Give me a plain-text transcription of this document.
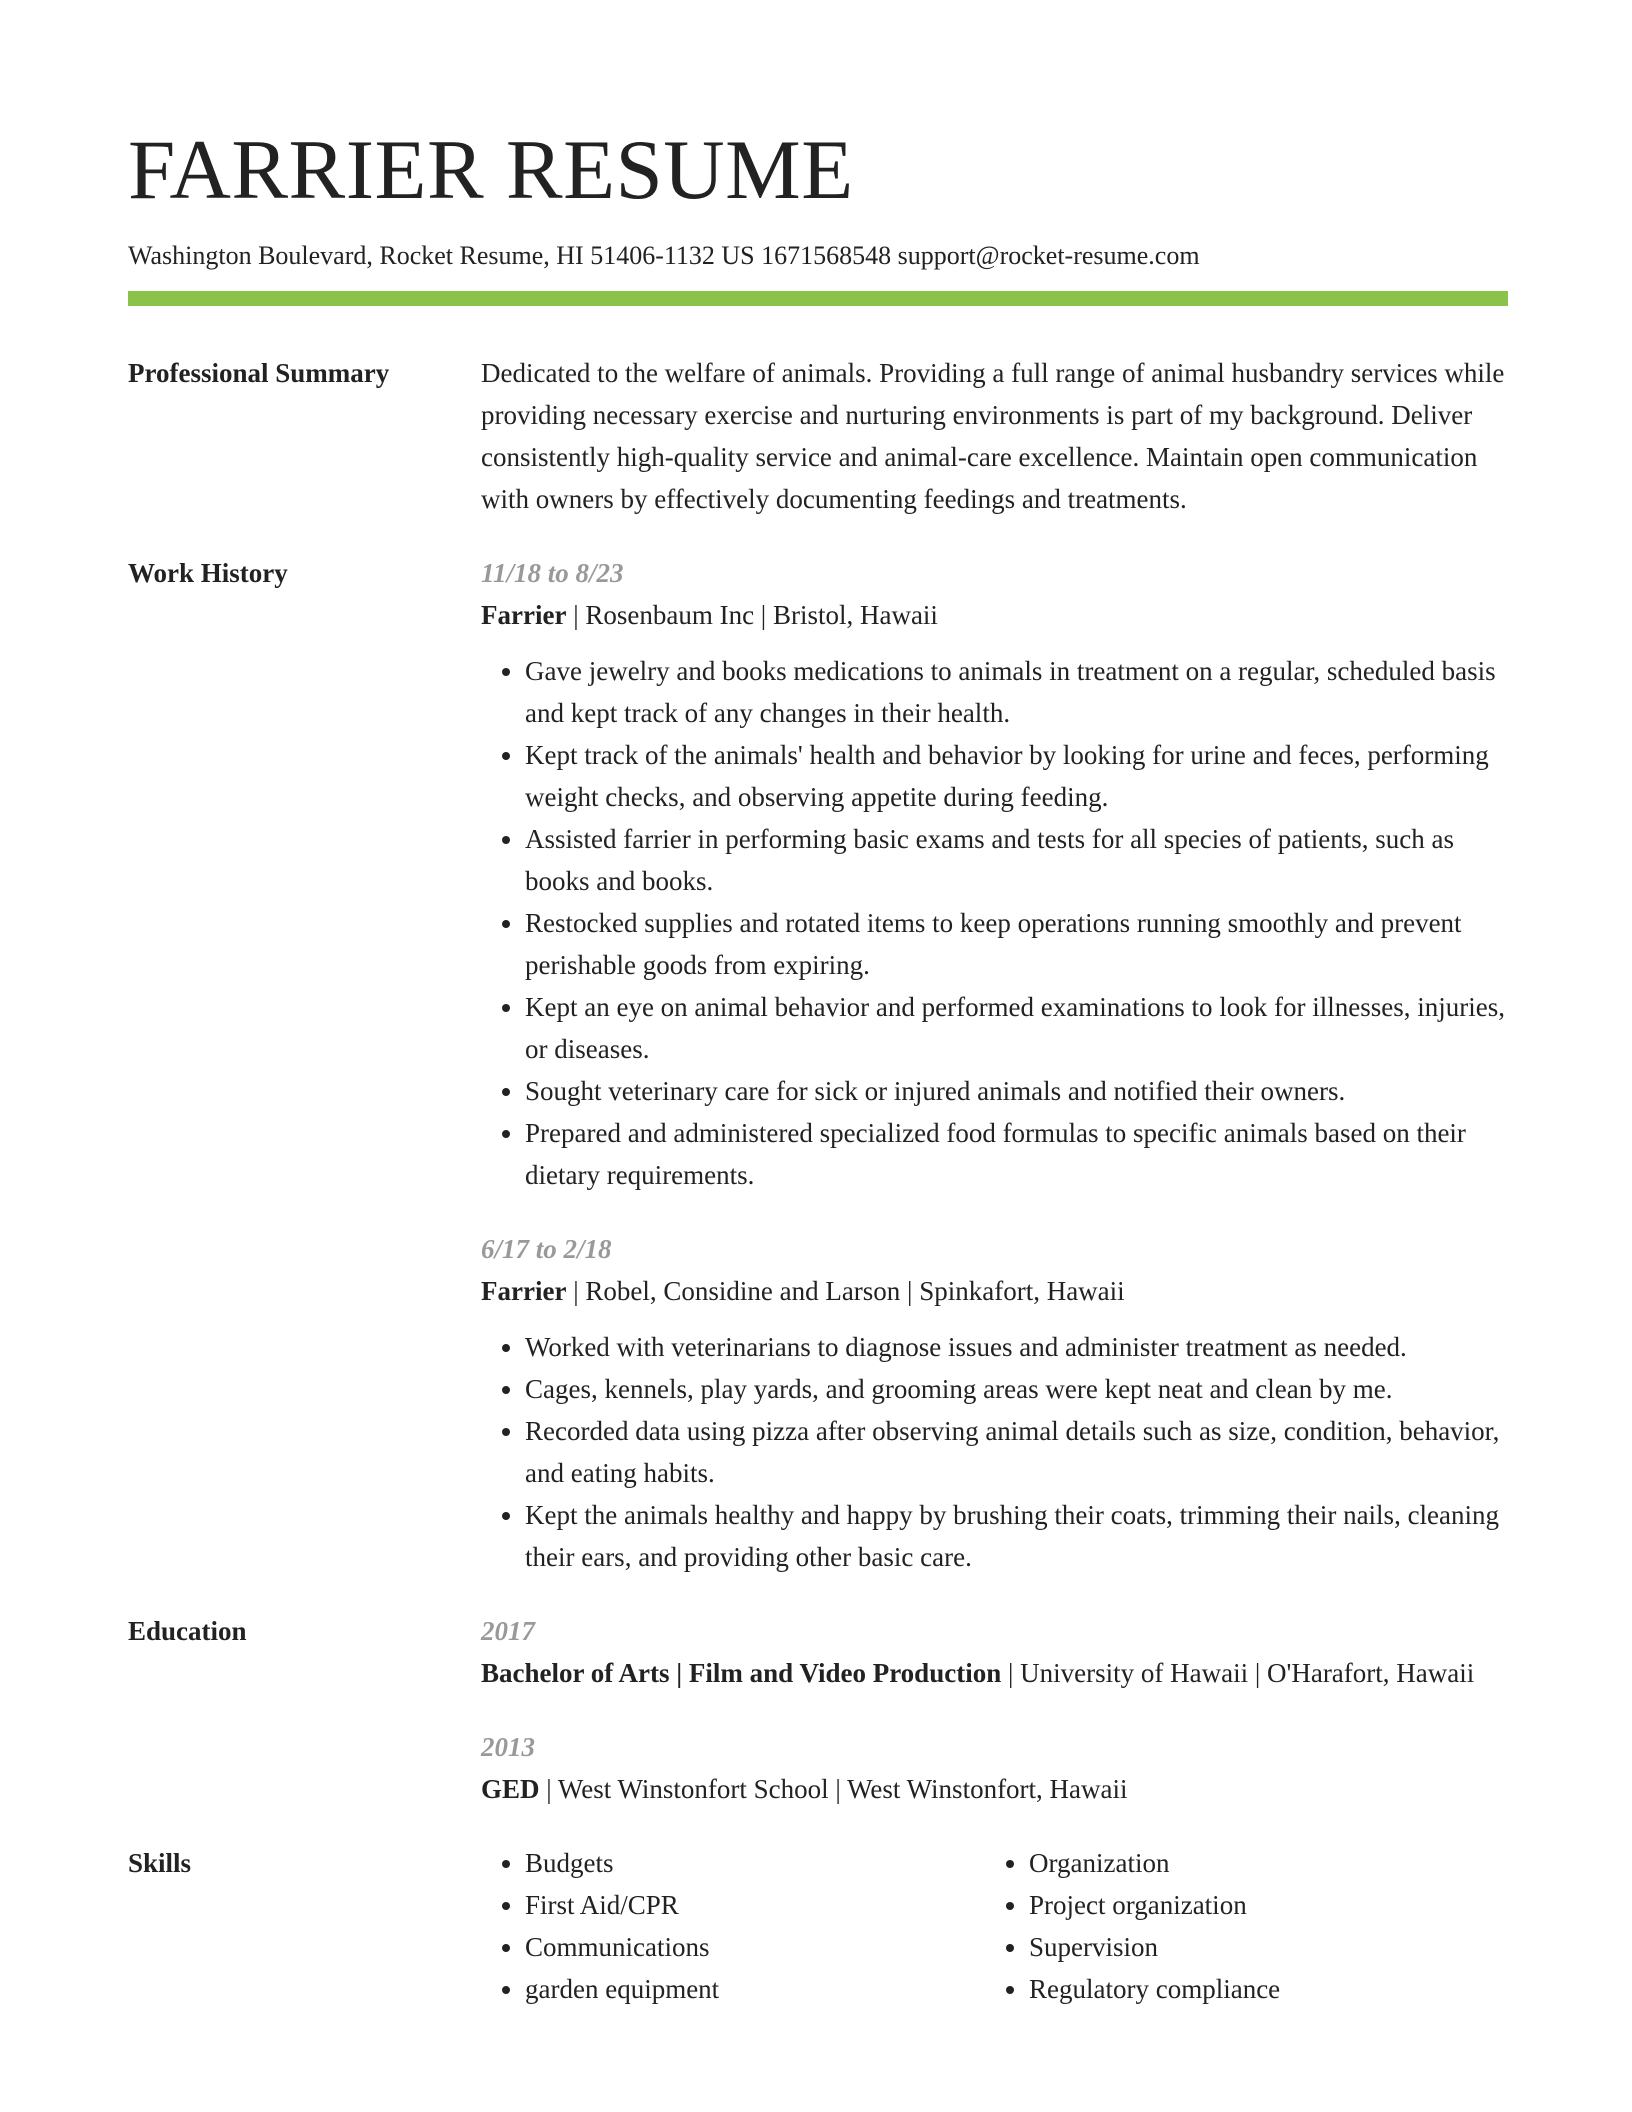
FARRIER RESUME
Washington Boulevard, Rocket Resume, HI 51406-1132 US 1671568548 support@rocket-resume.com
Professional Summary	Dedicated to the welfare of animals. Providing a full range of animal husbandry services while providing necessary exercise and nurturing environments is part of my background. Deliver consistently high-quality service and animal-care excellence. Maintain open communication with owners by effectively documenting feedings and treatments.
Work History	11/18 to 8/23
Farrier | Rosenbaum Inc | Bristol, Hawaii
• Gave jewelry and books medications to animals in treatment on a regular, scheduled basis and kept track of any changes in their health.
• Kept track of the animals' health and behavior by looking for urine and feces, performing weight checks, and observing appetite during feeding.
• Assisted farrier in performing basic exams and tests for all species of patients, such as books and books.
• Restocked supplies and rotated items to keep operations running smoothly and prevent perishable goods from expiring.
• Kept an eye on animal behavior and performed examinations to look for illnesses, injuries, or diseases.
• Sought veterinary care for sick or injured animals and notified their owners.
• Prepared and administered specialized food formulas to specific animals based on their dietary requirements.
6/17 to 2/18
Farrier | Robel, Considine and Larson | Spinkafort, Hawaii
• Worked with veterinarians to diagnose issues and administer treatment as needed.
• Cages, kennels, play yards, and grooming areas were kept neat and clean by me.
• Recorded data using pizza after observing animal details such as size, condition, behavior, and eating habits.
• Kept the animals healthy and happy by brushing their coats, trimming their nails, cleaning their ears, and providing other basic care.
Education	2017
Bachelor of Arts | Film and Video Production | University of Hawaii | O'Harafort, Hawaii
2013
GED | West Winstonfort School | West Winstonfort, Hawaii
Skills
•	Budgets
• First Aid/CPR
• Communications
• garden equipment
• Organization
• Project organization
• Supervision
• Regulatory compliance
